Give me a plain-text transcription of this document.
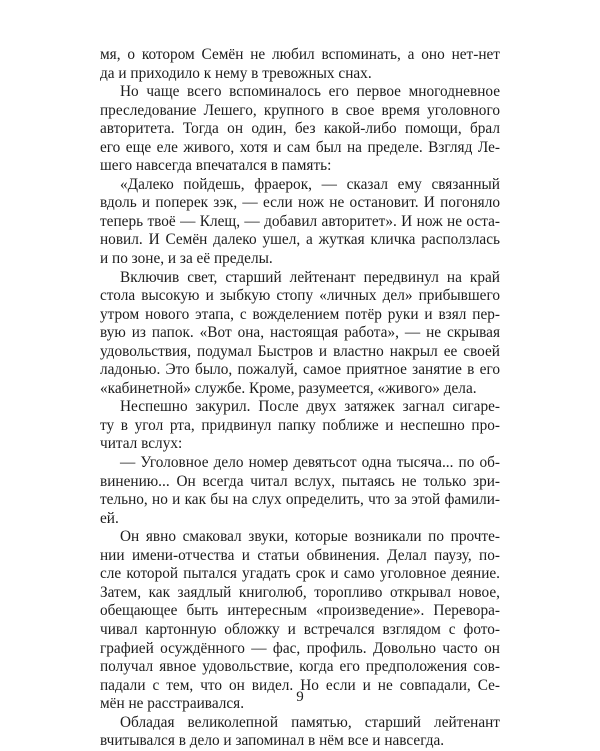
мя, о котором Семён не любил вспоминать, а оно нет-нет
да и приходило к нему в тревожных снах.
Но чаще всего вспоминалось его первое многодневное
преследование Лешего, крупного в свое время уголовного
авторитета. Тогда он один, без какой-либо помощи, брал
его еще еле живого, хотя и сам был на пределе. Взгляд Ле-
шего навсегда впечатался в память:
«Далеко пойдешь, фраерок, — сказал ему связанный
вдоль и поперек зэк, — если нож не остановит. И погоняло
теперь твоё — Клещ, — добавил авторитет». И нож не оста-
новил. И Семён далеко ушел, а жуткая кличка расползлась
и по зоне, и за её пределы.
Включив свет, старший лейтенант передвинул на край
стола высокую и зыбкую стопу «личных дел» прибывшего
утром нового этапа, с вожделением потёр руки и взял пер-
вую из папок. «Вот она, настоящая работа», — не скрывая
удовольствия, подумал Быстров и властно накрыл ее своей
ладонью. Это было, пожалуй, самое приятное занятие в его
«кабинетной» службе. Кроме, разумеется, «живого» дела.
Неспешно закурил. После двух затяжек загнал сигаре-
ту в угол рта, придвинул папку поближе и неспешно про-
читал вслух:
— Уголовное дело номер девятьсот одна тысяча... по об-
винению... Он всегда читал вслух, пытаясь не только зри-
тельно, но и как бы на слух определить, что за этой фамили-
ей.
Он явно смаковал звуки, которые возникали по прочте-
нии имени-отчества и статьи обвинения. Делал паузу, по-
сле которой пытался угадать срок и само уголовное деяние.
Затем, как заядлый книголюб, торопливо открывал новое,
обещающее быть интересным «произведение». Перевора-
чивал картонную обложку и встречался взглядом с фото-
графией осуждённого — фас, профиль. Довольно часто он
получал явное удовольствие, когда его предположения сов-
падали с тем, что он видел. Но если и не совпадали, Се-
мён не расстраивался.
Обладая великолепной памятью, старший лейтенант
вчитывался в дело и запоминал в нём все и навсегда.
9
